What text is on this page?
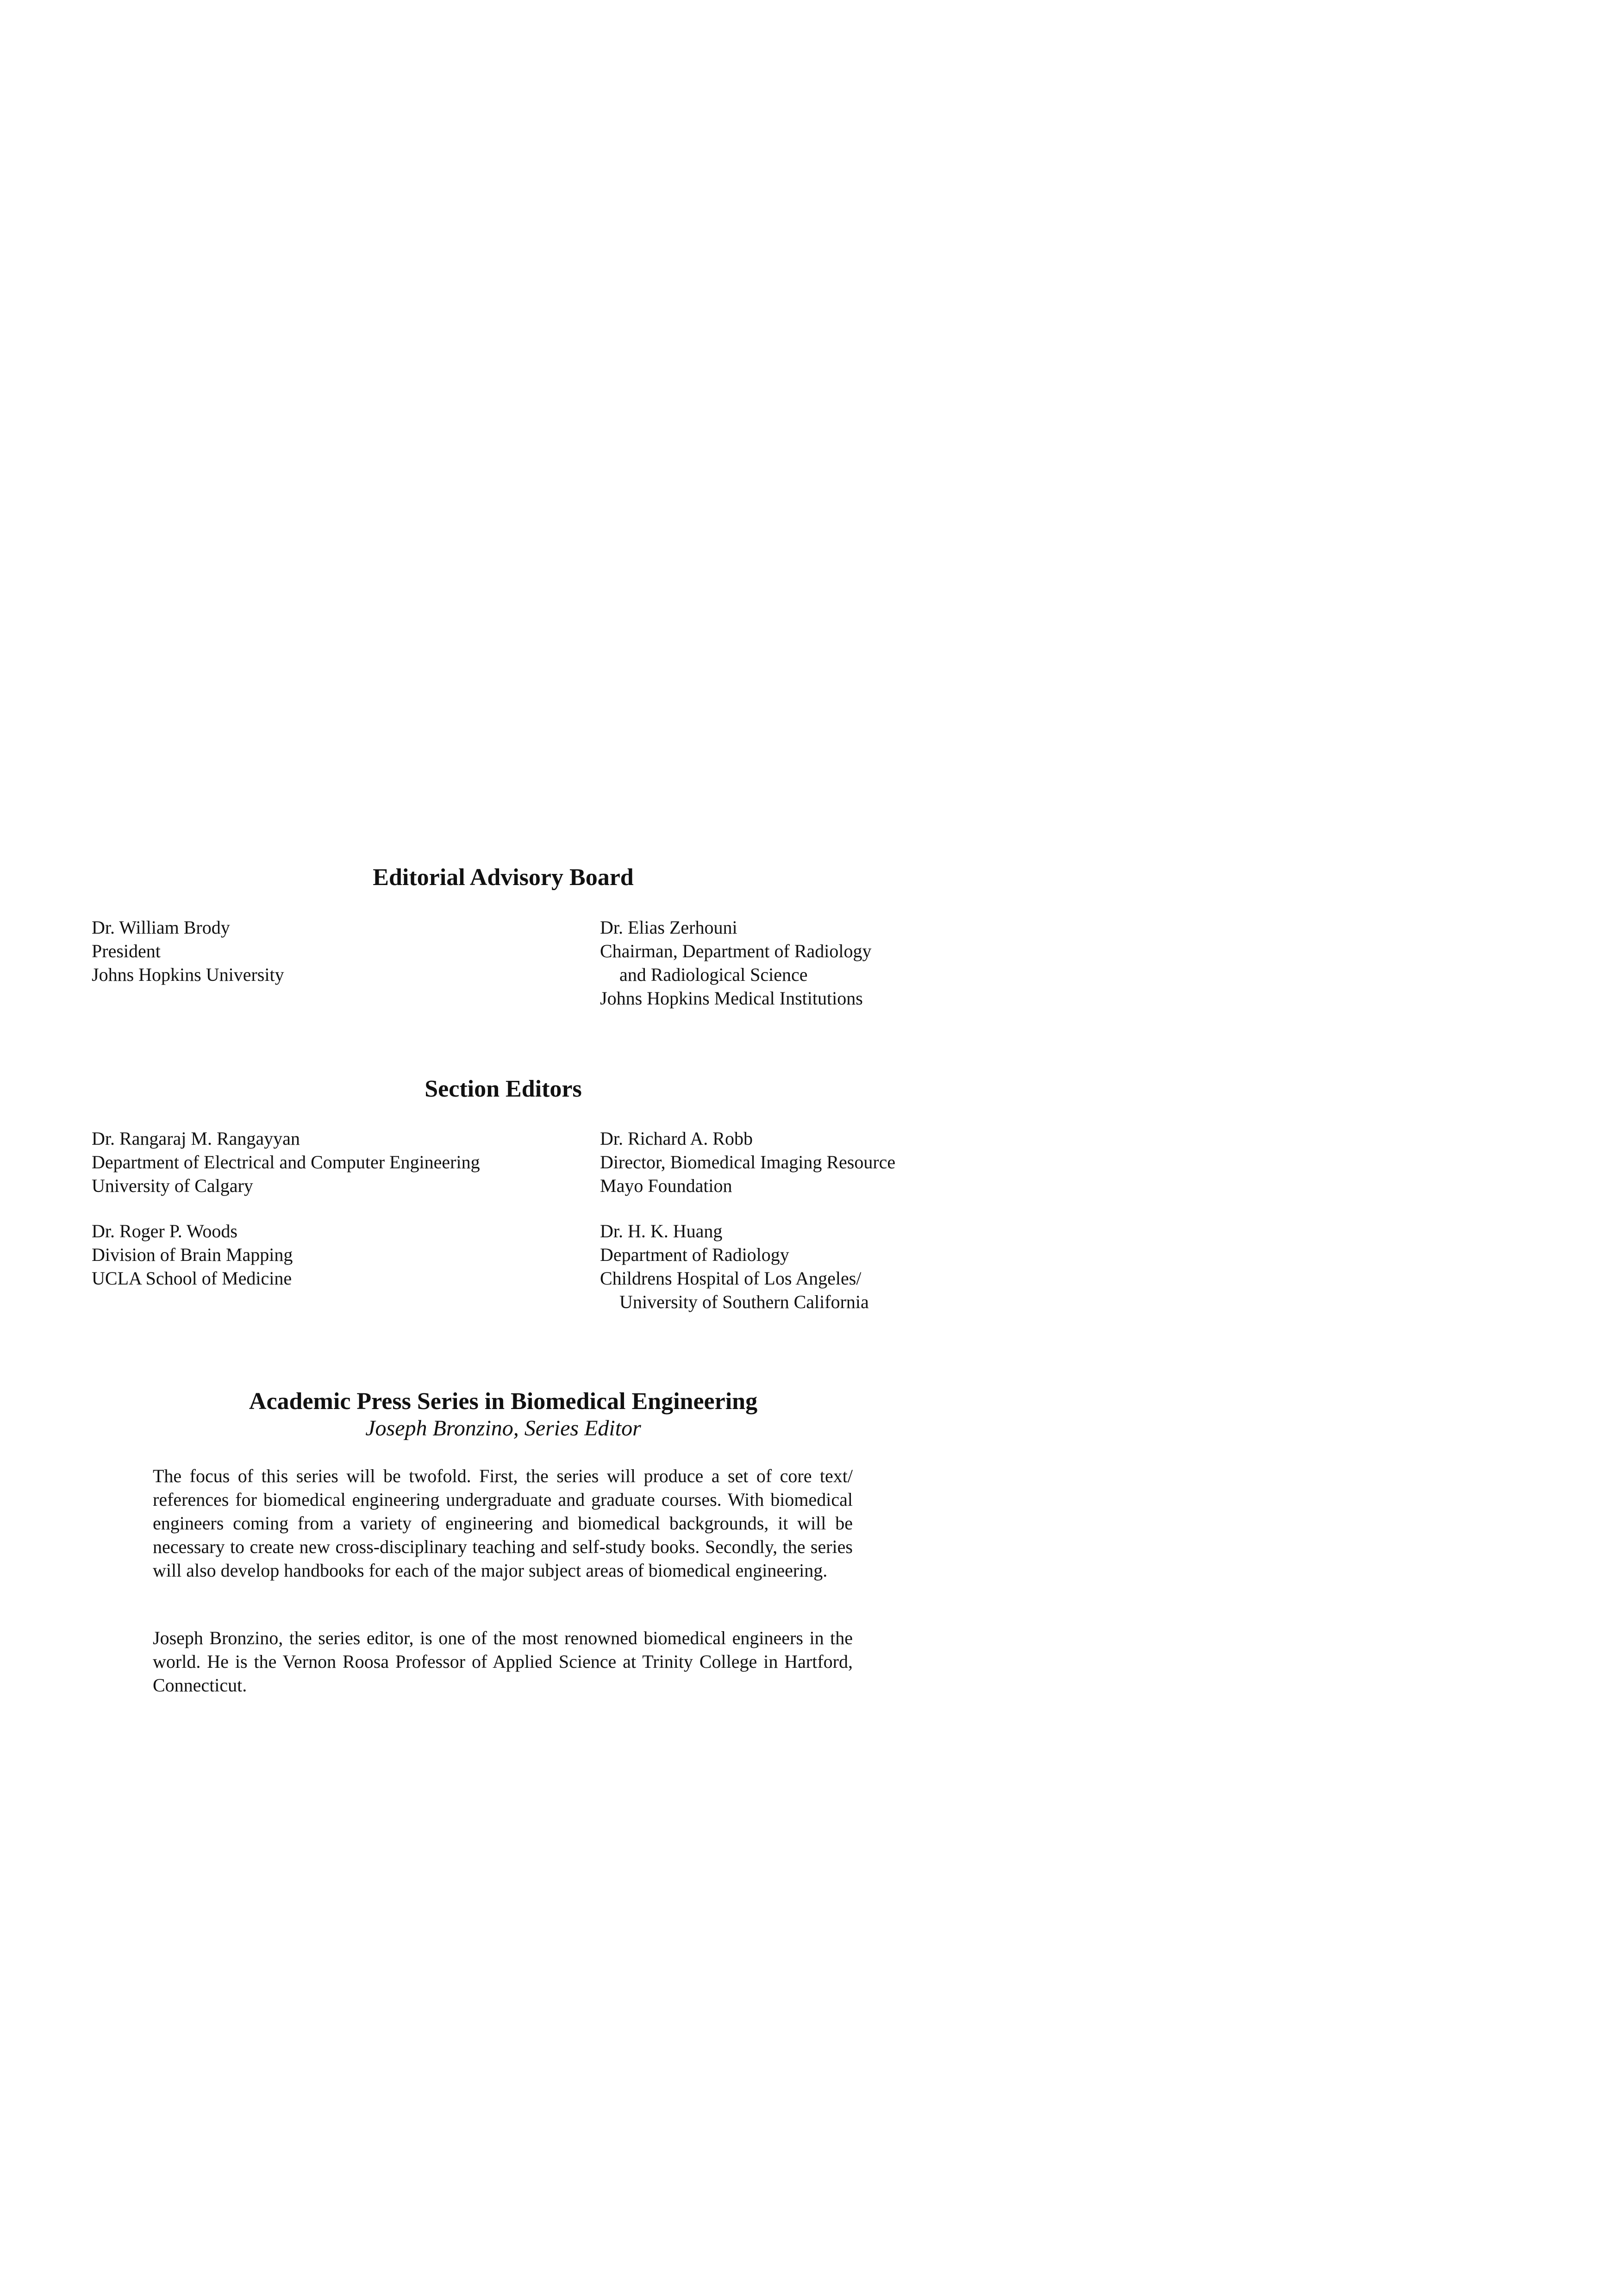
Editorial Advisory Board
Dr. William Brody
President
Johns Hopkins University
Dr. Elias Zerhouni
Chairman, Department of Radiology
and Radiological Science
Johns Hopkins Medical Institutions
Section Editors
Dr. Rangaraj M. Rangayyan
Department of Electrical and Computer Engineering
University of Calgary
Dr. Richard A. Robb
Director, Biomedical Imaging Resource
Mayo Foundation
Dr. Roger P. Woods
Division of Brain Mapping
UCLA School of Medicine
Dr. H. K. Huang
Department of Radiology
Childrens Hospital of Los Angeles/
University of Southern California
Academic Press Series in Biomedical Engineering
Joseph Bronzino, Series Editor

The focus of this series will be twofold. First, the series will produce a set of core text/ references for biomedical engineering undergraduate and graduate courses. With biomedical engineers coming from a variety of engineering and biomedical backgrounds, it will be necessary to create new cross-disciplinary teaching and self-study books. Secondly, the series will also develop handbooks for each of the major subject areas of biomedical engineering.

Joseph Bronzino, the series editor, is one of the most renowned biomedical engineers in the world. He is the Vernon Roosa Professor of Applied Science at Trinity College in Hartford, Connecticut.
